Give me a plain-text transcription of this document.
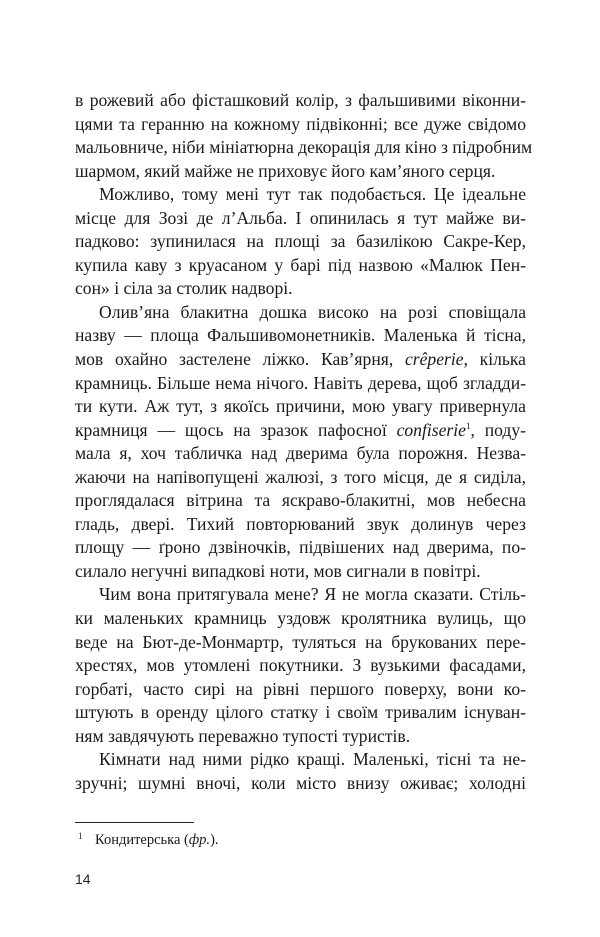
в рожевий або фісташковий колір, з фальшивими віконни-
цями та геранню на кожному підвіконні; все дуже свідомо
мальовниче, ніби мініатюрна декорація для кіно з підробним
шармом, який майже не приховує його кам’яного серця.
Можливо, тому мені тут так подобається. Це ідеальне
місце для Зозі де л’Альба. І опинилась я тут майже ви-
падково: зупинилася на площі за базилікою Сакре-Кер,
купила каву з круасаном у барі під назвою «Малюк Пен-
сон» і сіла за столик надворі.
Олив’яна блакитна дошка високо на розі сповіщала
назву — площа Фальшивомонетників. Маленька й тісна,
мов охайно застелене ліжко. Кав’ярня, crêperie, кілька
крамниць. Більше нема нічого. Навіть дерева, щоб згладди-
ти кути. Аж тут, з якоїсь причини, мою увагу привернула
крамниця — щось на зразок пафосної confiserie$^1$, поду-
мала я, хоч табличка над дверима була порожня. Незва-
жаючи на напівопущені жалюзі, з того місця, де я сиділа,
проглядалася вітрина та яскраво-блакитні, мов небесна
гладь, двері. Тихий повторюваний звук долинув через
площу — ґроно дзвіночків, підвішених над дверима, по-
силало негучні випадкові ноти, мов сигнали в повітрі.
Чим вона притягувала мене? Я не могла сказати. Стіль-
ки маленьких крамниць уздовж кролятника вулиць, що
веде на Бют-де-Монмартр, туляться на брукованих пере-
хрестях, мов утомлені покутники. З вузькими фасадами,
горбаті, часто сирі на рівні першого поверху, вони ко-
штують в оренду цілого статку і своїм тривалим існуван-
ням завдячують переважно тупості туристів.
Кімнати над ними рідко кращі. Маленькі, тісні та не-
зручні; шумні вночі, коли місто внизу оживає; холодні
1 Кондитерська (фр.).
14
